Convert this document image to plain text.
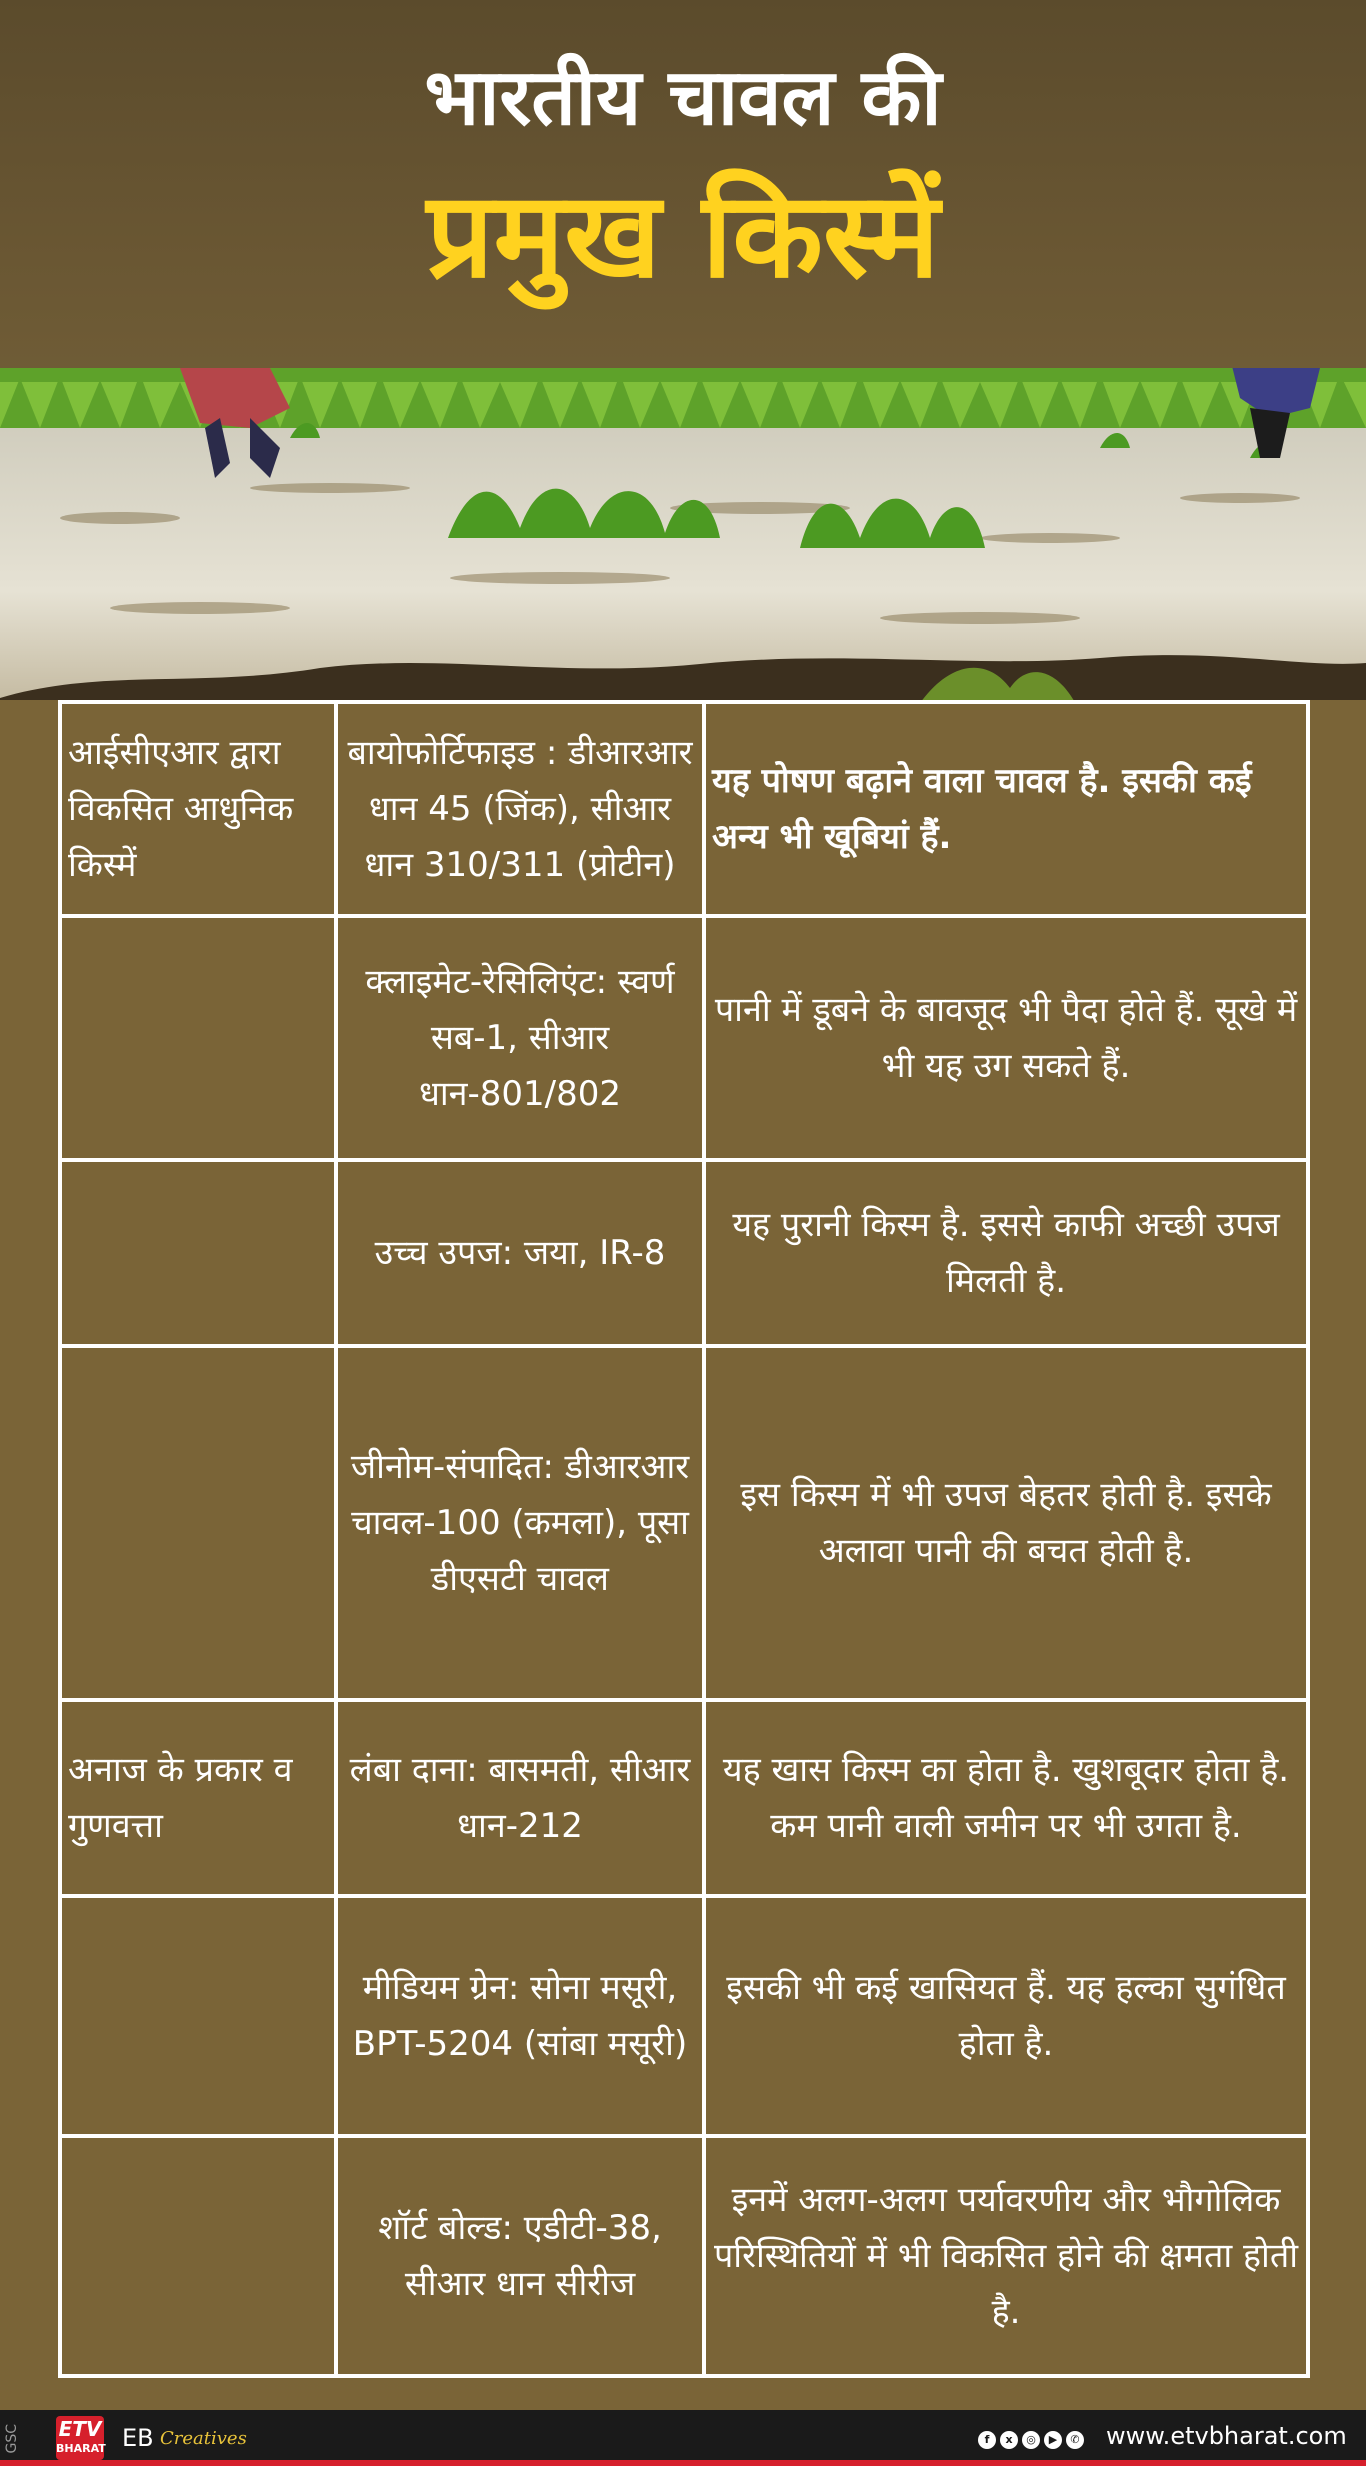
भारतीय चावल की
प्रमुख किस्में
आईसीएआर द्वारा विकसित आधुनिक किस्में	बायोफोर्टिफाइड : डीआरआर धान 45 (जिंक), सीआर धान 310/311 (प्रोटीन)	यह पोषण बढ़ाने वाला चावल है. इसकी कई अन्य भी खूबियां हैं.
	क्लाइमेट-रेसिलिएंट: स्वर्ण सब-1, सीआर धान-801/802	पानी में डूबने के बावजूद भी पैदा होते हैं. सूखे में भी यह उग सकते हैं.
	उच्च उपज: जया, IR-8	यह पुरानी किस्म है. इससे काफी अच्छी उपज मिलती है.
	जीनोम-संपादित: डीआरआर चावल-100 (कमला), पूसा डीएसटी चावल	इस किस्म में भी उपज बेहतर होती है. इसके अलावा पानी की बचत होती है.
अनाज के प्रकार व गुणवत्ता	लंबा दाना: बासमती, सीआर धान-212	यह खास किस्म का होता है. खुशबूदार होता है. कम पानी वाली जमीन पर भी उगता है.
	मीडियम ग्रेन: सोना मसूरी, BPT-5204 (सांबा मसूरी)	इसकी भी कई खासियत हैं. यह हल्का सुगंधित होता है.
	शॉर्ट बोल्ड: एडीटी-38, सीआर धान सीरीज	इनमें अलग-अलग पर्यावरणीय और भौगोलिक परिस्थितियों में भी विकसित होने की क्षमता होती है.
GSC ETV
BHARAT EB Creatives	f x ◎ ▶ ✆	www.etvbharat.com
